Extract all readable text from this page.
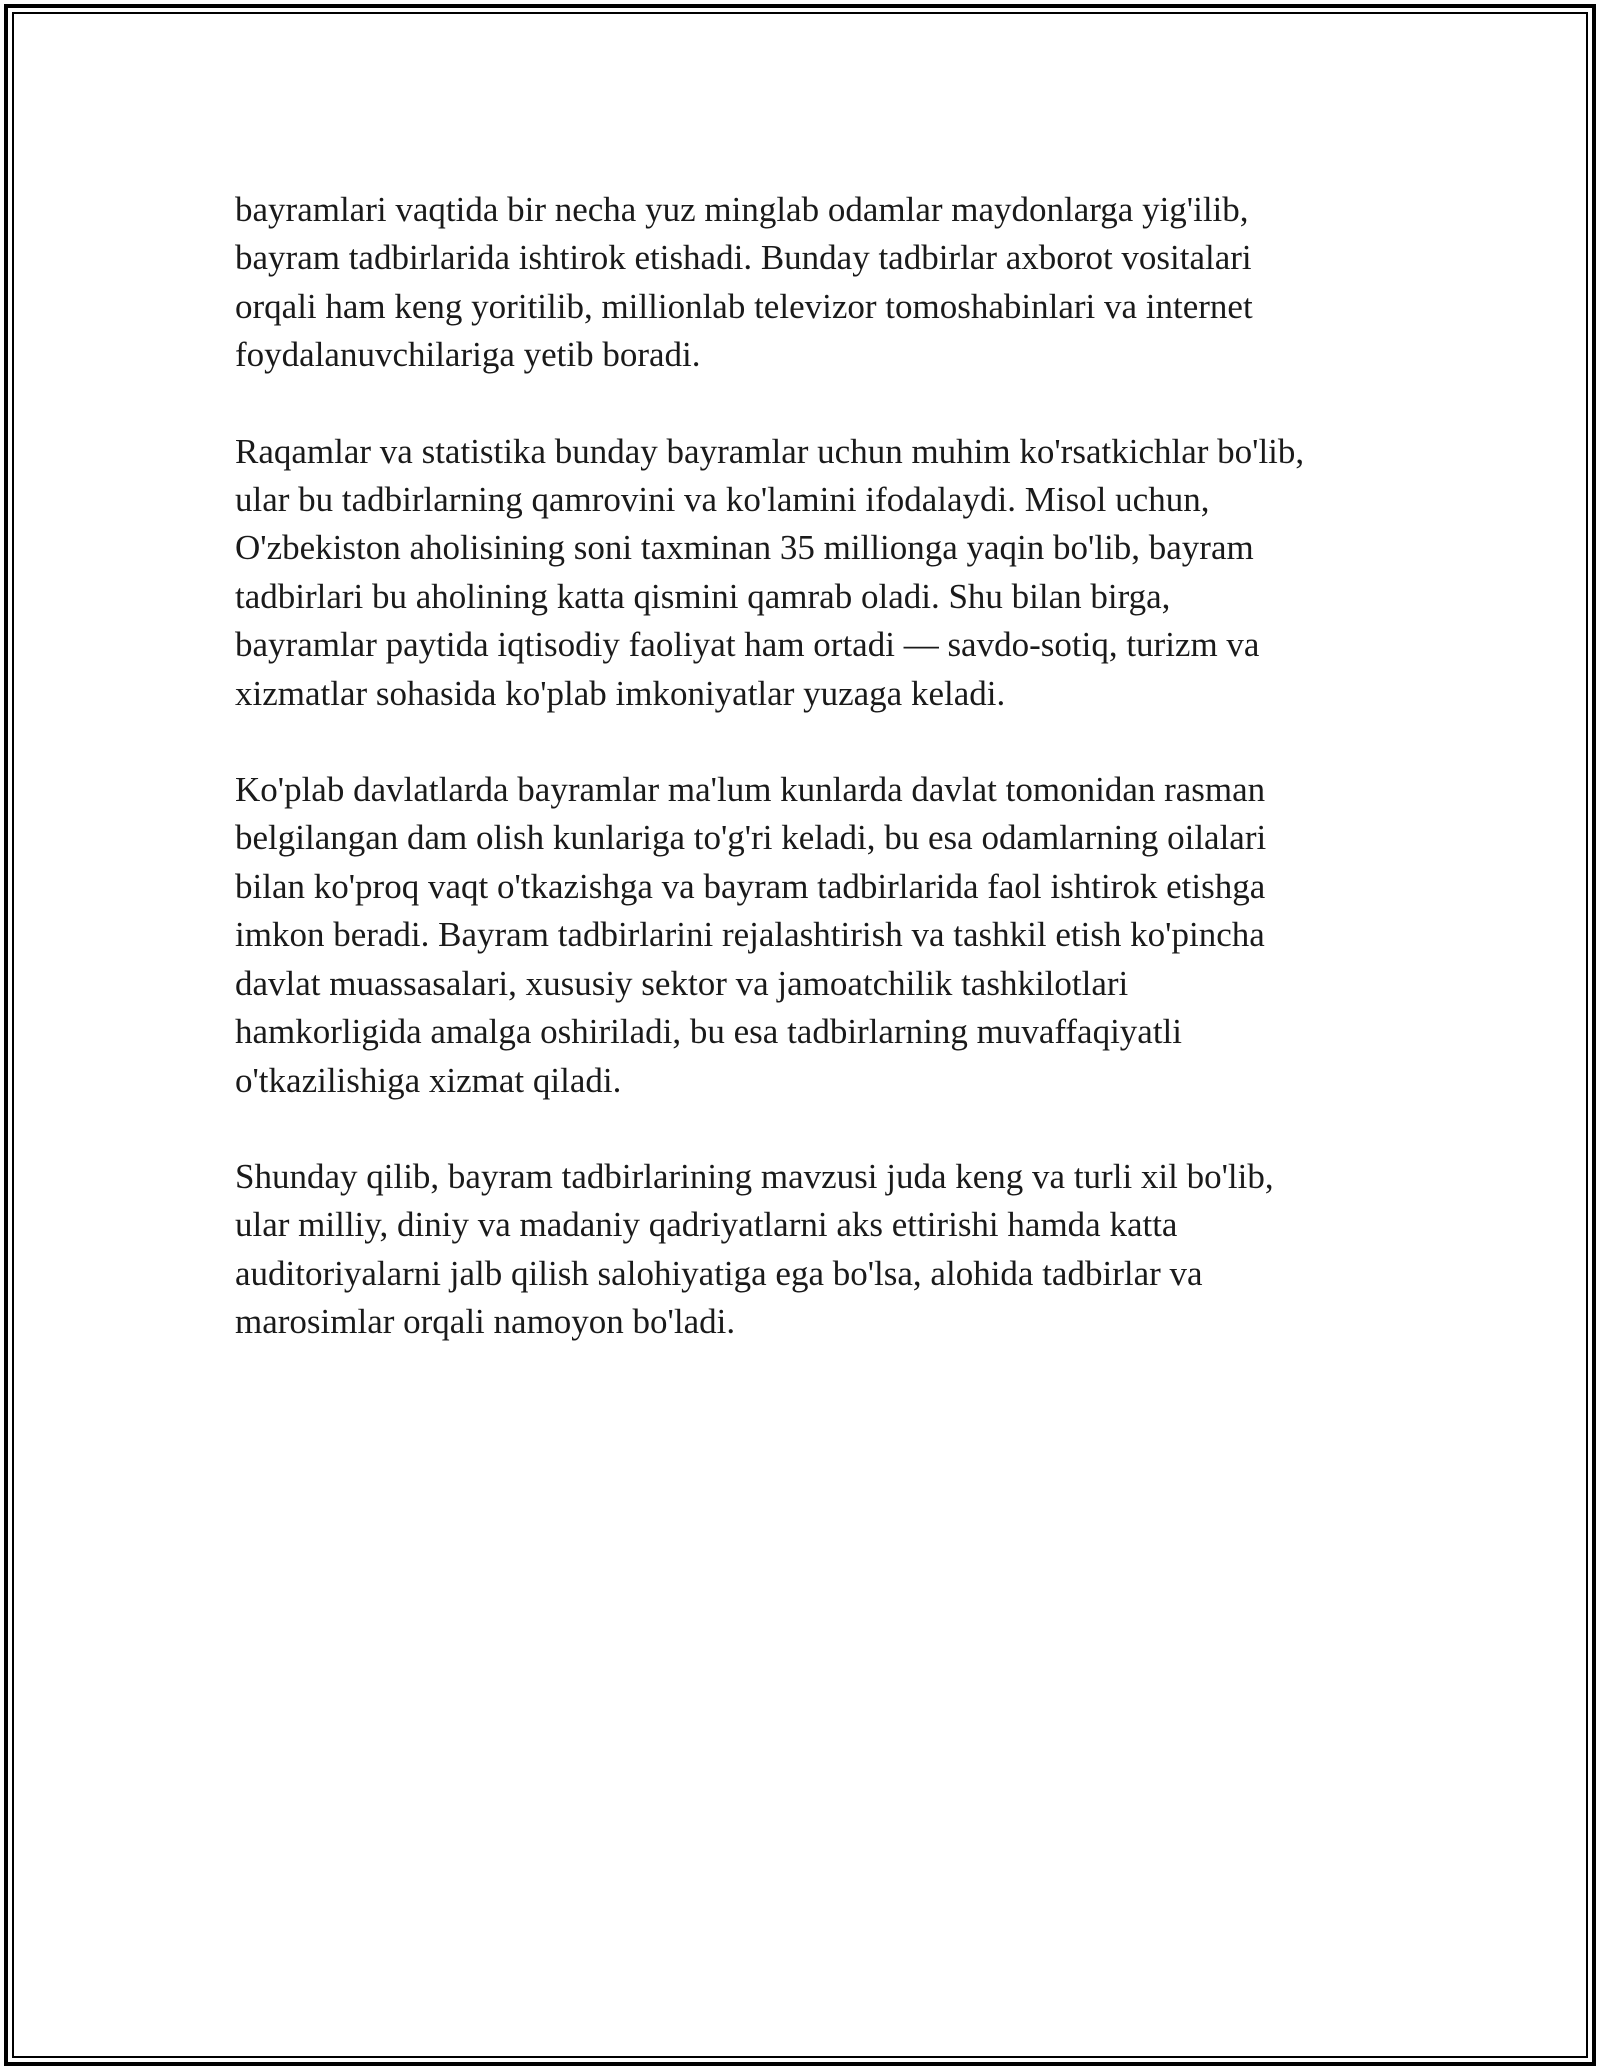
bayramlari vaqtida bir necha yuz minglab odamlar maydonlarga yig'ilib,
bayram tadbirlarida ishtirok etishadi. Bunday tadbirlar axborot vositalari
orqali ham keng yoritilib, millionlab televizor tomoshabinlari va internet
foydalanuvchilariga yetib boradi.

Raqamlar va statistika bunday bayramlar uchun muhim ko'rsatkichlar bo'lib,
ular bu tadbirlarning qamrovini va ko'lamini ifodalaydi. Misol uchun,
O'zbekiston aholisining soni taxminan 35 millionga yaqin bo'lib, bayram
tadbirlari bu aholining katta qismini qamrab oladi. Shu bilan birga,
bayramlar paytida iqtisodiy faoliyat ham ortadi — savdo-sotiq, turizm va
xizmatlar sohasida ko'plab imkoniyatlar yuzaga keladi.

Ko'plab davlatlarda bayramlar ma'lum kunlarda davlat tomonidan rasman
belgilangan dam olish kunlariga to'g'ri keladi, bu esa odamlarning oilalari
bilan ko'proq vaqt o'tkazishga va bayram tadbirlarida faol ishtirok etishga
imkon beradi. Bayram tadbirlarini rejalashtirish va tashkil etish ko'pincha
davlat muassasalari, xususiy sektor va jamoatchilik tashkilotlari
hamkorligida amalga oshiriladi, bu esa tadbirlarning muvaffaqiyatli
o'tkazilishiga xizmat qiladi.

Shunday qilib, bayram tadbirlarining mavzusi juda keng va turli xil bo'lib,
ular milliy, diniy va madaniy qadriyatlarni aks ettirishi hamda katta
auditoriyalarni jalb qilish salohiyatiga ega bo'lsa, alohida tadbirlar va
marosimlar orqali namoyon bo'ladi.
